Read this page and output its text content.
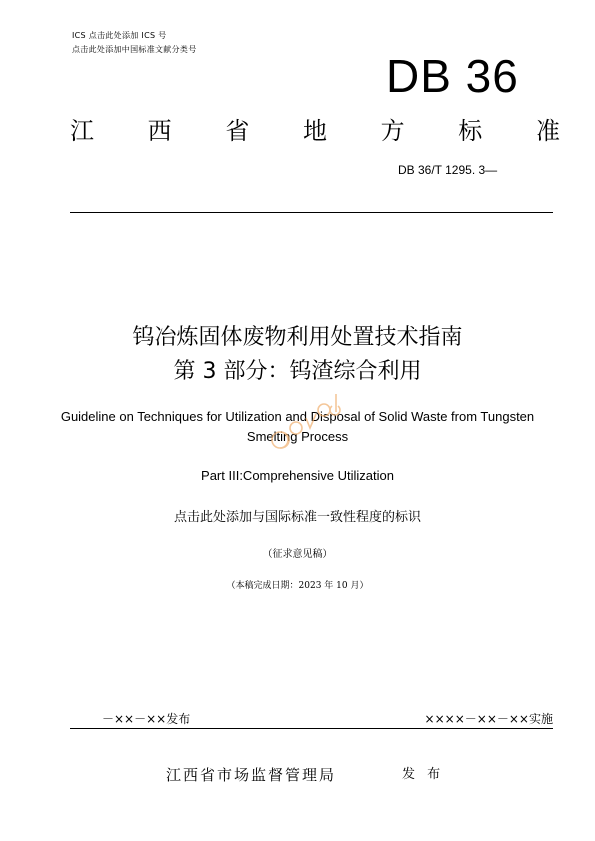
ICS 点击此处添加 ICS 号
点击此处添加中国标准文献分类号
DB 36
江 西 省 地 方 标 准
DB 36/T 1295. 3—
钨冶炼固体废物利用处置技术指南
第 3 部分：钨渣综合利用
Guideline on Techniques for Utilization and Disposal of Solid Waste from Tungsten
Smelting Process
Part III:Comprehensive Utilization
点击此处添加与国际标准一致性程度的标识
（征求意见稿）
（本稿完成日期：2023 年 10 月）
－××－××发布	××××－××－××实施
江西省市场监督管理局	发 布
